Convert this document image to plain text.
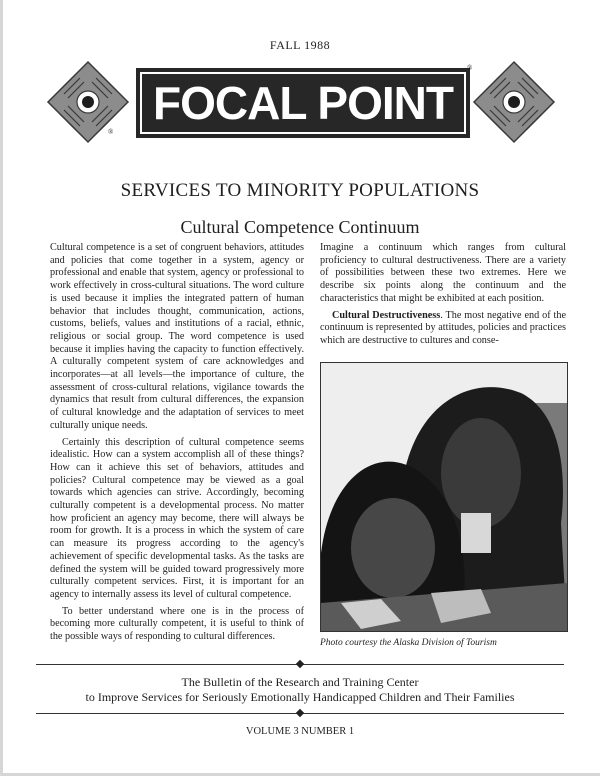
FALL 1988
®
FOCAL POINT
®
SERVICES TO MINORITY POPULATIONS
Cultural Competence Continuum

Cultural competence is a set of congruent behaviors, attitudes and policies that come together in a system, agency or professional and enable that system, agency or professional to work effectively in cross-cultural situations. The word culture is used because it implies the integrated pattern of human behavior that includes thought, communication, actions, customs, beliefs, values and institutions of a racial, ethnic, religious or social group. The word competence is used because it implies having the capacity to function effectively. A culturally competent system of care acknowledges and incorporates—at all levels—the importance of culture, the assessment of cross-cultural relations, vigilance towards the dynamics that result from cultural differences, the expansion of cultural knowledge and the adaptation of services to meet culturally unique needs.

Certainly this description of cultural competence seems idealistic. How can a system accomplish all of these things? How can it achieve this set of behaviors, attitudes and policies? Cultural competence may be viewed as a goal towards which agencies can strive. Accordingly, becoming culturally competent is a developmental process. No matter how proficient an agency may become, there will always be room for growth. It is a process in which the system of care can measure its progress according to the agency's achievement of specific developmental tasks. As the tasks are defined the system will be guided toward progressively more culturally competent services. First, it is important for an agency to internally assess its level of cultural competence.

To better understand where one is in the process of becoming more culturally competent, it is useful to think of the possible ways of responding to cultural differences.

Imagine a continuum which ranges from cultural proficiency to cultural destructiveness. There are a variety of possibilities between these two extremes. Here we describe six points along the continuum and the characteristics that might be exhibited at each position.

Cultural Destructiveness. The most negative end of the continuum is represented by attitudes, policies and practices which are destructive to cultures and conse-

Photo courtesy the Alaska Division of Tourism
The Bulletin of the Research and Training Center
to Improve Services for Seriously Emotionally Handicapped Children and Their Families
VOLUME 3 NUMBER 1
